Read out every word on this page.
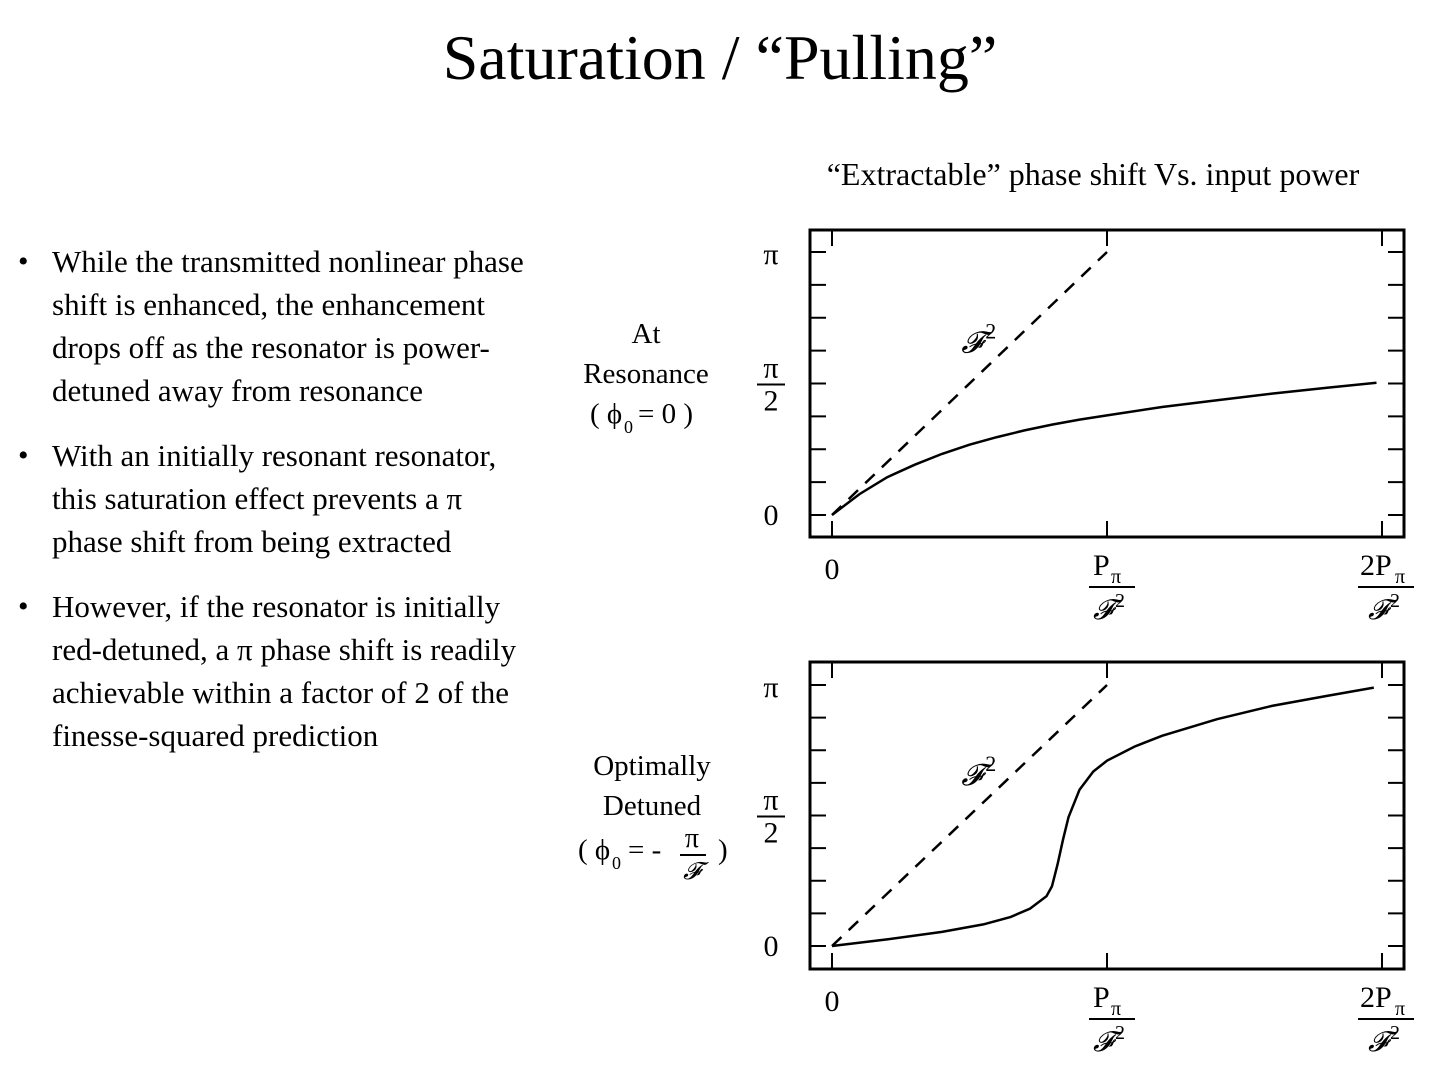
Saturation / “Pulling”
• While the transmitted nonlinear phase shift is enhanced, the enhancement drops off as the resonator is power-detuned away from resonance
• With an initially resonant resonator, this saturation effect prevents a π phase shift from being extracted
• However, if the resonator is initially red-detuned, a π phase shift is readily achievable within a factor of 2 of the finesse-squared prediction
“Extractable” phase shift Vs. input power
𝓕 2
0
π
2
π
0	P π
𝓕 2
2P π
𝓕 2
At
Resonance
( ϕ 0 = 0 )
𝓕 2
0
π
2
π
0	P π
𝓕 2
2P π
𝓕 2
Optimally
Detuned
( ϕ 0 = - π
𝓕
)
